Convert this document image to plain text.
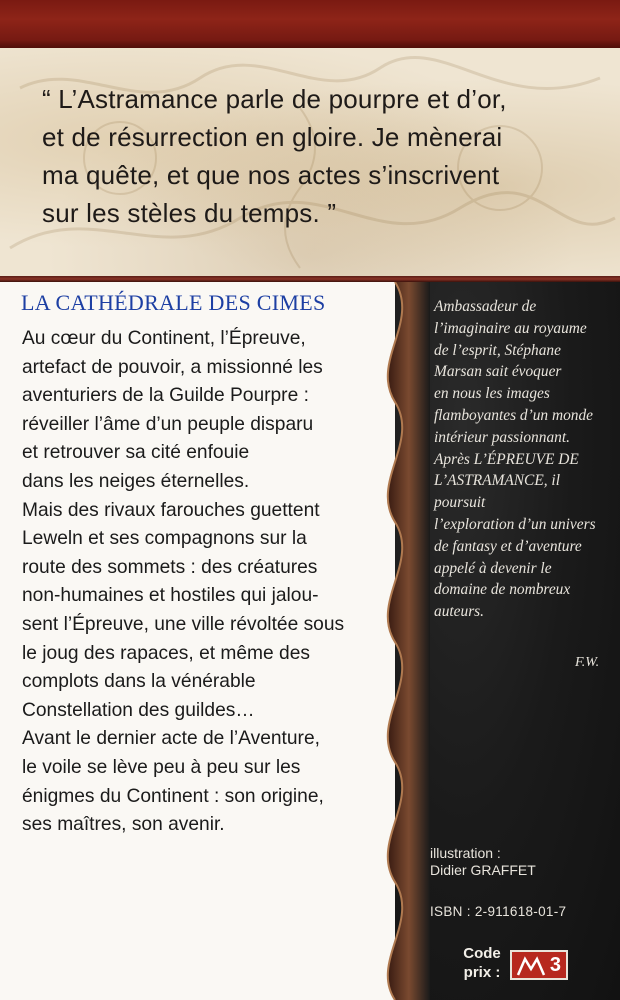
“ L’Astramance parle de pourpre et d’or,
et de résurrection en gloire. Je mènerai
ma quête, et que nos actes s’inscrivent
sur les stèles du temps. ”
LA CATHÉDRALE DES CIMES
Au cœur du Continent, l’Épreuve,
artefact de pouvoir, a missionné les
aventuriers de la Guilde Pourpre :
réveiller l’âme d’un peuple disparu
et retrouver sa cité enfouie
dans les neiges éternelles.
Mais des rivaux farouches guettent
Leweln et ses compagnons sur la
route des sommets : des créatures
non-humaines et hostiles qui jalou-
sent l’Épreuve, une ville révoltée sous
le joug des rapaces, et même des
complots dans la vénérable
Constellation des guildes…
Avant le dernier acte de l’Aventure,
le voile se lève peu à peu sur les
énigmes du Continent : son origine,
ses maîtres, son avenir.
Ambassadeur de
l’imaginaire au royaume
de l’esprit, Stéphane
Marsan sait évoquer
en nous les images
flamboyantes d’un monde
intérieur passionnant.
Après L’ÉPREUVE DE
L’ASTRAMANCE, il poursuit
l’exploration d’un univers
de fantasy et d’aventure
appelé à devenir le
domaine de nombreux
auteurs.
F.W.
illustration :
Didier GRAFFET
ISBN : 2-911618-01-7
Code
prix : 3
